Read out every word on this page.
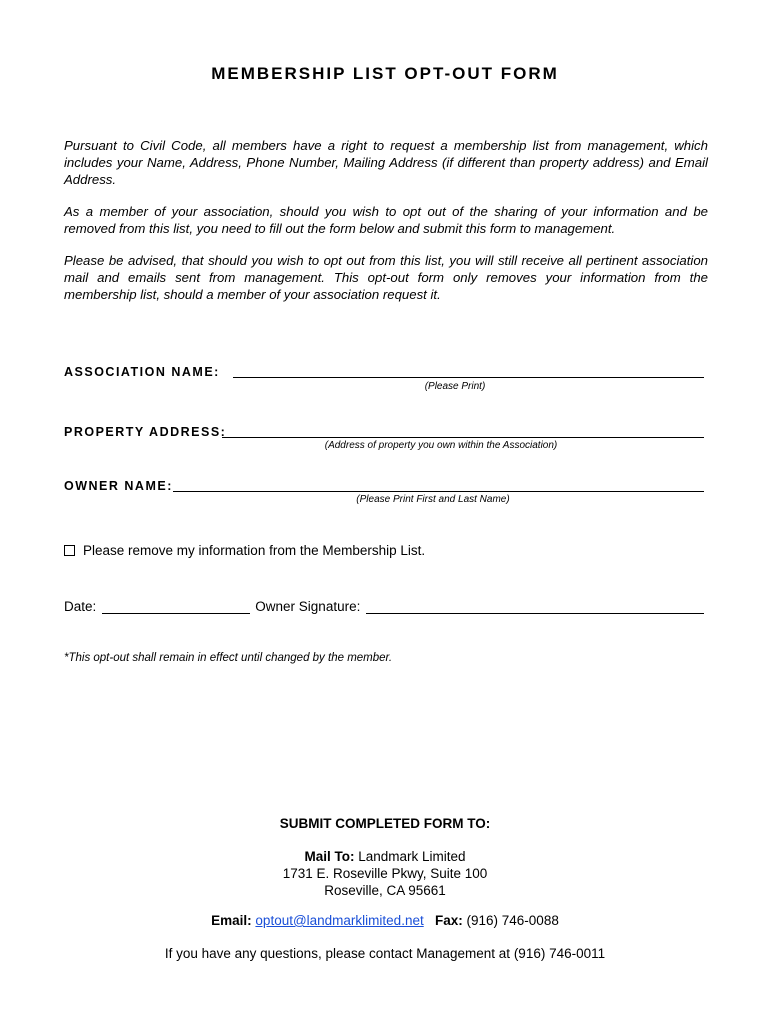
MEMBERSHIP LIST OPT-OUT FORM

Pursuant to Civil Code, all members have a right to request a membership list from management, which includes your Name, Address, Phone Number, Mailing Address (if different than property address) and Email Address.

As a member of your association, should you wish to opt out of the sharing of your information and be removed from this list, you need to fill out the form below and submit this form to management.

Please be advised, that should you wish to opt out from this list, you will still receive all pertinent association mail and emails sent from management. This opt-out form only removes your information from the membership list, should a member of your association request it.

ASSOCIATION NAME:
(Please Print)
PROPERTY ADDRESS:
(Address of property you own within the Association)
OWNER NAME:
(Please Print First and Last Name)
Please remove my information from the Membership List.
Date:	Owner Signature:
*This opt-out shall remain in effect until changed by the member.
SUBMIT COMPLETED FORM TO:
Mail To: Landmark Limited
1731 E. Roseville Pkwy, Suite 100
Roseville, CA 95661
Email: optout@landmarklimited.net Fax: (916) 746-0088
If you have any questions, please contact Management at (916) 746-0011
